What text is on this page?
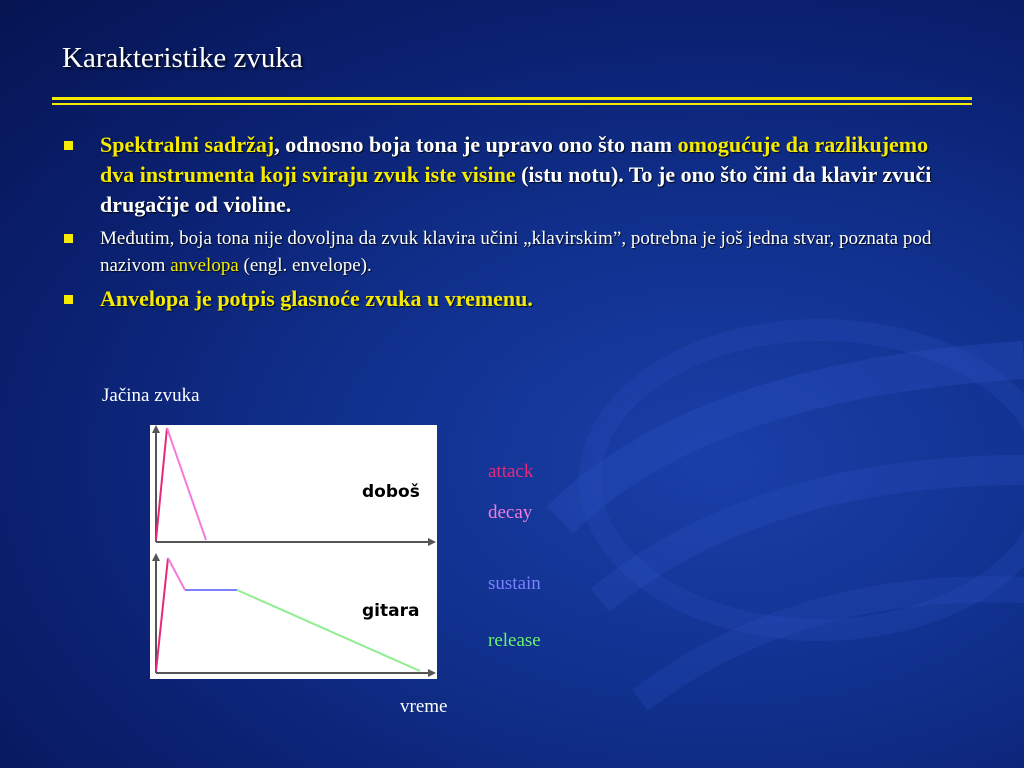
Karakteristike zvuka
Spektralni sadržaj, odnosno boja tona je upravo ono što nam omogućuje da razlikujemo dva instrumenta koji sviraju zvuk iste visine (istu notu). To je ono što čini da klavir zvuči drugačije od violine.
Međutim, boja tona nije dovoljna da zvuk klavira učini „klavirskim”, potrebna je još jedna stvar, poznata pod nazivom anvelopa (engl. envelope).
Anvelopa je potpis glasnoće zvuka u vremenu.
Jačina zvuka
doboš
gitara
vreme
attack
decay
sustain
release
